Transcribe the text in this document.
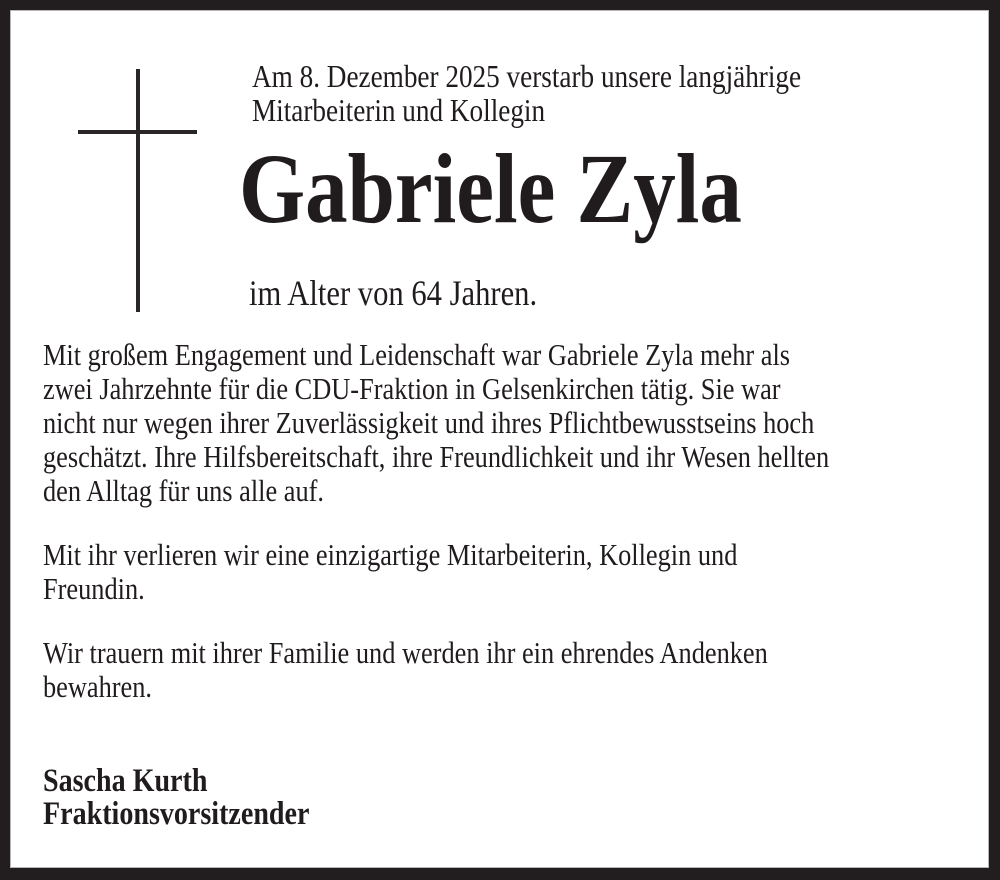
Am 8. Dezember 2025 verstarb unsere langjährige
Mitarbeiterin und Kollegin
Gabriele Zyla
im Alter von 64 Jahren.
Mit großem Engagement und Leidenschaft war Gabriele Zyla mehr als
zwei Jahrzehnte für die CDU-Fraktion in Gelsenkirchen tätig. Sie war
nicht nur wegen ihrer Zuverlässigkeit und ihres Pflichtbewusstseins hoch
geschätzt. Ihre Hilfsbereitschaft, ihre Freundlichkeit und ihr Wesen hellten
den Alltag für uns alle auf.
Mit ihr verlieren wir eine einzigartige Mitarbeiterin, Kollegin und
Freundin.
Wir trauern mit ihrer Familie und werden ihr ein ehrendes Andenken
bewahren.
Sascha Kurth
Fraktionsvorsitzender
